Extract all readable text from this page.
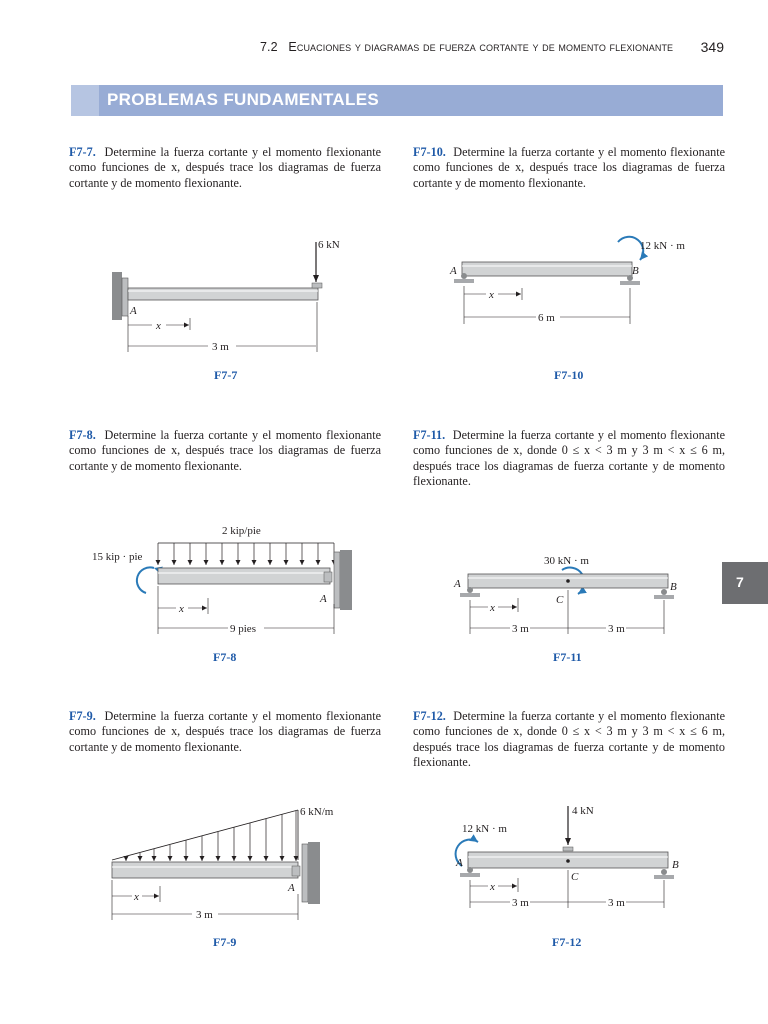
7.2 Ecuaciones y diagramas de fuerza cortante y de momento flexionante 349
PROBLEMAS FUNDAMENTALES
7
F7-7. Determine la fuerza cortante y el momento flexionante como funciones de x, después trace los diagramas de fuerza cortante y de momento flexionante.
F7-10. Determine la fuerza cortante y el momento flexionante como funciones de x, después trace los diagramas de fuerza cortante y de momento flexionante.
F7-8. Determine la fuerza cortante y el momento flexionante como funciones de x, después trace los diagramas de fuerza cortante y de momento flexionante.
F7-11. Determine la fuerza cortante y el momento flexionante como funciones de x, donde 0 ≤ x < 3 m y 3 m < x ≤ 6 m, después trace los diagramas de fuerza cortante y de momento flexionante.
F7-9. Determine la fuerza cortante y el momento flexionante como funciones de x, después trace los diagramas de fuerza cortante y de momento flexionante.
F7-12. Determine la fuerza cortante y el momento flexionante como funciones de x, donde 0 ≤ x < 3 m y 3 m < x ≤ 6 m, después trace los diagramas de fuerza cortante y de momento flexionante.
6 kN
A
x
3 m
F7-7
12 kN · m
A	B
x
6 m
F7-10
2 kip/pie
15 kip · pie
A
x
9 pies
F7-8
30 kN · m
A	B
C
x
3 m	3 m
F7-11
6 kN/m
A
x
3 m
F7-9
4 kN
12 kN · m
A	B
C
x
3 m	3 m
F7-12
